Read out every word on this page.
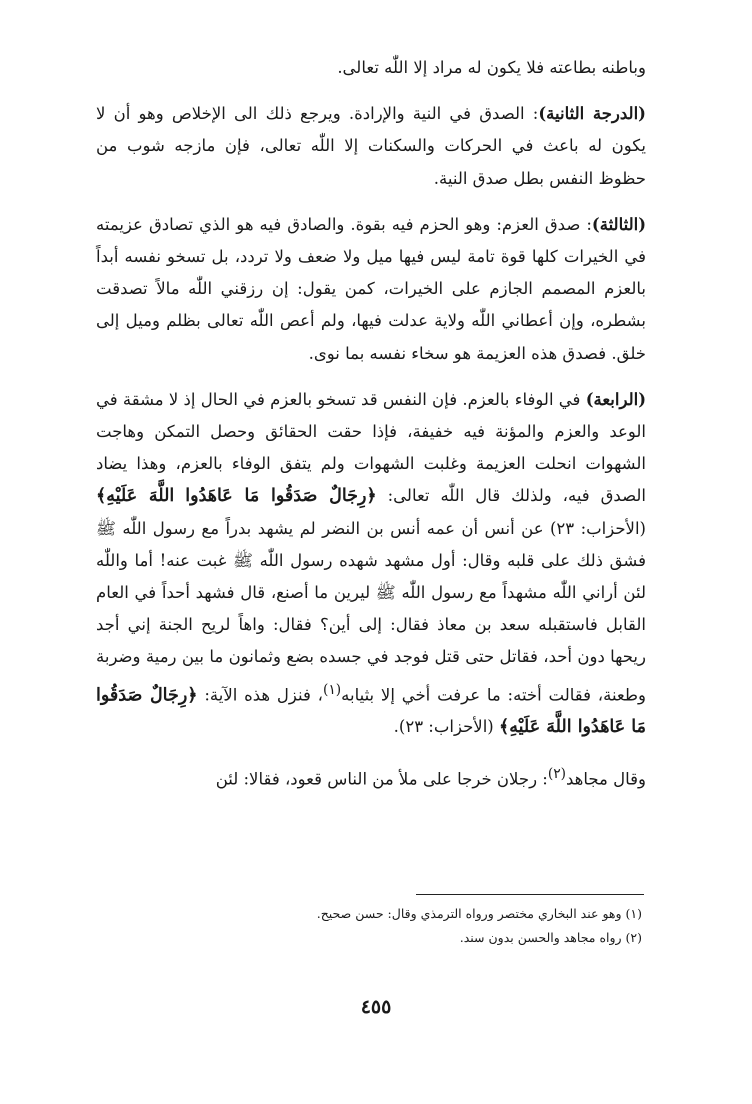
وباطنه بطاعته فلا يكون له مراد إلا اللّٰه تعالى.

(الدرجة الثانية): الصدق في النية والإرادة. ويرجع ذلك الى الإخلاص وهو أن لا يكون له باعث في الحركات والسكنات إلا اللّٰه تعالى، فإن مازجه شوب من حظوظ النفس بطل صدق النية.

(الثالثة): صدق العزم: وهو الحزم فيه بقوة. والصادق فيه هو الذي تصادق عزيمته في الخيرات كلها قوة تامة ليس فيها ميل ولا ضعف ولا تردد، بل تسخو نفسه أبداً بالعزم المصمم الجازم على الخيرات، كمن يقول: إن رزقني اللّٰه مالاً تصدقت بشطره، وإن أعطاني اللّٰه ولاية عدلت فيها، ولم أعص اللّٰه تعالى بظلم وميل إلى خلق. فصدق هذه العزيمة هو سخاء نفسه بما نوى.

(الرابعة) في الوفاء بالعزم. فإن النفس قد تسخو بالعزم في الحال إذ لا مشقة في الوعد والعزم والمؤنة فيه خفيفة، فإذا حقت الحقائق وحصل التمكن وهاجت الشهوات انحلت العزيمة وغلبت الشهوات ولم يتفق الوفاء بالعزم، وهذا يضاد الصدق فيه، ولذلك قال اللّٰه تعالى: ﴿رِجَالٌ صَدَقُوا مَا عَاهَدُوا اللَّهَ عَلَيْهِ﴾ (الأحزاب: ٢٣) عن أنس أن عمه أنس بن النضر لم يشهد بدراً مع رسول اللّٰه ﷺ فشق ذلك على قلبه وقال: أول مشهد شهده رسول اللّٰه ﷺ غبت عنه! أما واللّٰه لئن أراني اللّٰه مشهداً مع رسول اللّٰه ﷺ ليرين ما أصنع، قال فشهد أحداً في العام القابل فاستقبله سعد بن معاذ فقال: إلى أين؟ فقال: واهاً لريح الجنة إني أجد ريحها دون أحد، فقاتل حتى قتل فوجد في جسده بضع وثمانون ما بين رمية وضربة وطعنة، فقالت أخته: ما عرفت أخي إلا بثيابه$^{(١)}$، فنزل هذه الآية: ﴿رِجَالٌ صَدَقُوا مَا عَاهَدُوا اللَّهَ عَلَيْهِ﴾ (الأحزاب: ٢٣).

وقال مجاهد$^{(٢)}$: رجلان خرجا على ملأ من الناس قعود، فقالا: لئن

(١) وهو عند البخاري مختصر ورواه الترمذي وقال: حسن صحيح.

(٢) رواه مجاهد والحسن بدون سند.

٤٥٥
